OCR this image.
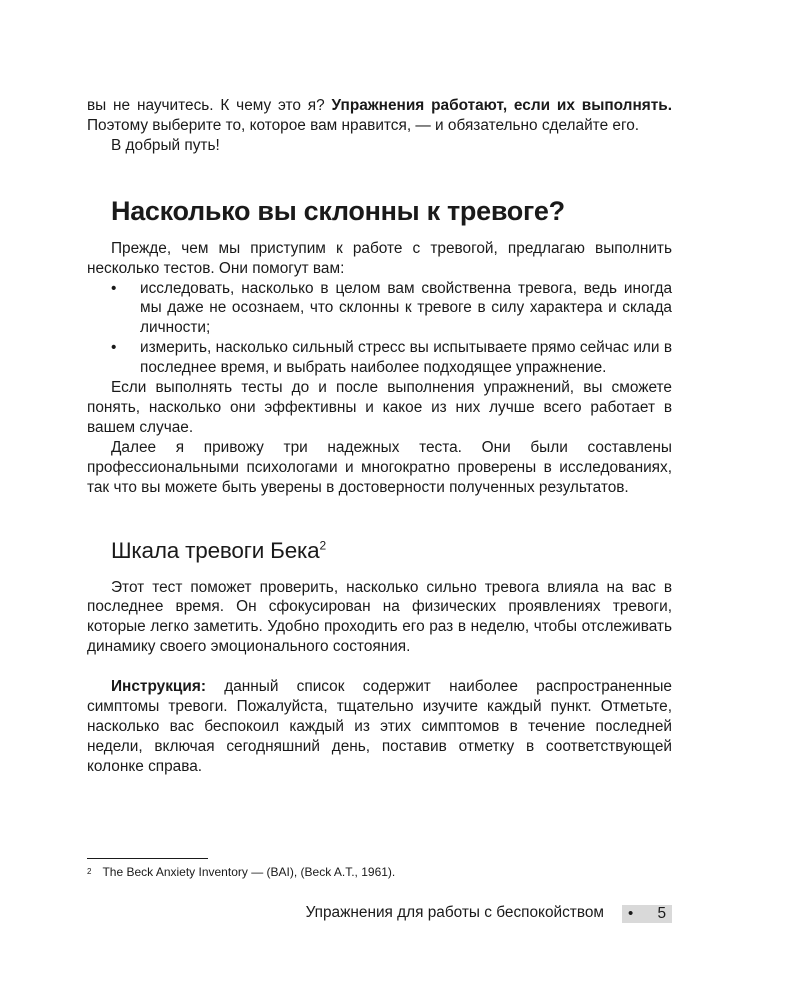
вы не научитесь. К чему это я? Упражнения работают, если их выполнять. Поэтому выберите то, которое вам нравится, — и обязательно сделайте его.

В добрый путь!

Насколько вы склонны к тревоге?

Прежде, чем мы приступим к работе с тревогой, предлагаю выполнить несколько тестов. Они помогут вам:

• исследовать, насколько в целом вам свойственна тревога, ведь иногда мы даже не осознаем, что склонны к тревоге в силу характера и склада личности;
• измерить, насколько сильный стресс вы испытываете прямо сейчас или в последнее время, и выбрать наиболее подходящее упражнение.

Если выполнять тесты до и после выполнения упражнений, вы сможете понять, насколько они эффективны и какое из них лучше всего работает в вашем случае.

Далее я привожу три надежных теста. Они были составлены профессиональными психологами и многократно проверены в исследованиях, так что вы можете быть уверены в достоверности полученных результатов.

Шкала тревоги Бека$^2$

Этот тест поможет проверить, насколько сильно тревога влияла на вас в последнее время. Он сфокусирован на физических проявлениях тревоги, которые легко заметить. Удобно проходить его раз в неделю, чтобы отслеживать динамику своего эмоционального состояния.

Инструкция: данный список содержит наиболее распространенные симптомы тревоги. Пожалуйста, тщательно изучите каждый пункт. Отметьте, насколько вас беспокоил каждый из этих симптомов в течение последней недели, включая сегодняшний день, поставив отметку в соответствующей колонке справа.

$^2$ The Beck Anxiety Inventory — (BAI), (Beck A.T., 1961).
Упражнения для работы с беспокойством • 5
